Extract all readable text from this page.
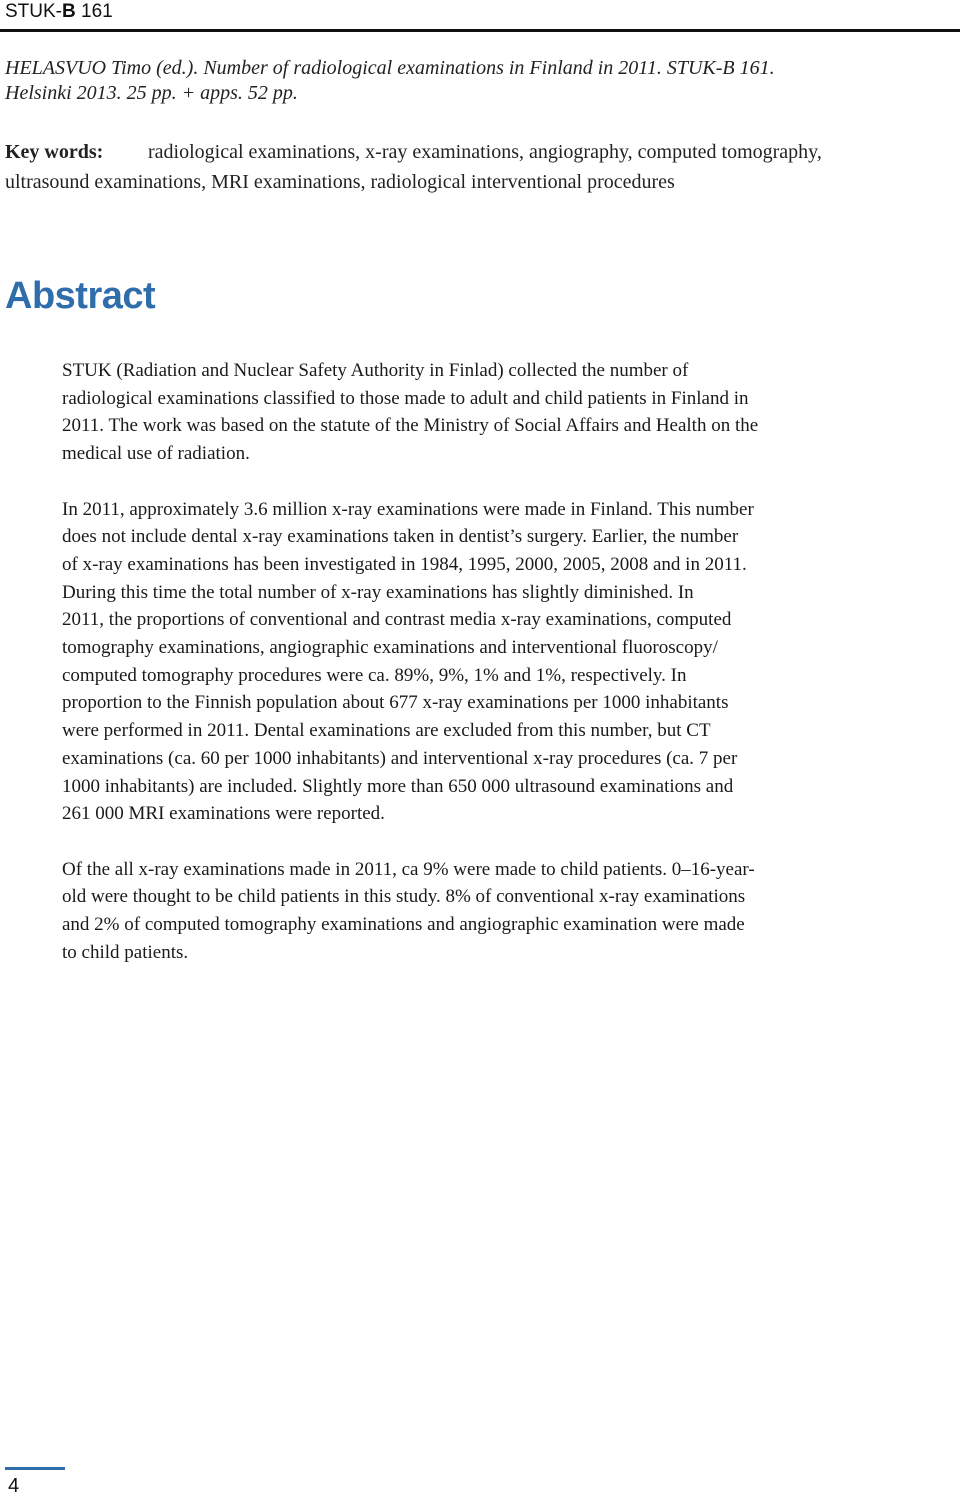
STUK-B 161
HELASVUO Timo (ed.). Number of radiological examinations in Finland in 2011. STUK-B 161.
Helsinki 2013. 25 pp. + apps. 52 pp.
Key words: radiological examinations, x-ray examinations, angiography, computed tomography,
ultrasound examinations, MRI examinations, radiological interventional procedures
Abstract

STUK (Radiation and Nuclear Safety Authority in Finlad) collected the number of
radiological examinations classified to those made to adult and child patients in Finland in
2011. The work was based on the statute of the Ministry of Social Affairs and Health on the
medical use of radiation.

In 2011, approximately 3.6 million x-ray examinations were made in Finland. This number
does not include dental x-ray examinations taken in dentist’s surgery. Earlier, the number
of x-ray examinations has been investigated in 1984, 1995, 2000, 2005, 2008 and in 2011.
During this time the total number of x-ray examinations has slightly diminished. In
2011, the proportions of conventional and contrast media x-ray examinations, computed
tomography examinations, angiographic examinations and interventional fluoroscopy/
computed tomography procedures were ca. 89%, 9%, 1% and 1%, respectively. In
proportion to the Finnish population about 677 x-ray examinations per 1000 inhabitants
were performed in 2011. Dental examinations are excluded from this number, but CT
examinations (ca. 60 per 1000 inhabitants) and interventional x-ray procedures (ca. 7 per
1000 inhabitants) are included. Slightly more than 650 000 ultrasound examinations and
261 000 MRI examinations were reported.

Of the all x-ray examinations made in 2011, ca 9% were made to child patients. 0–16-year-
old were thought to be child patients in this study. 8% of conventional x-ray examinations
and 2% of computed tomography examinations and angiographic examination were made
to child patients.

4
